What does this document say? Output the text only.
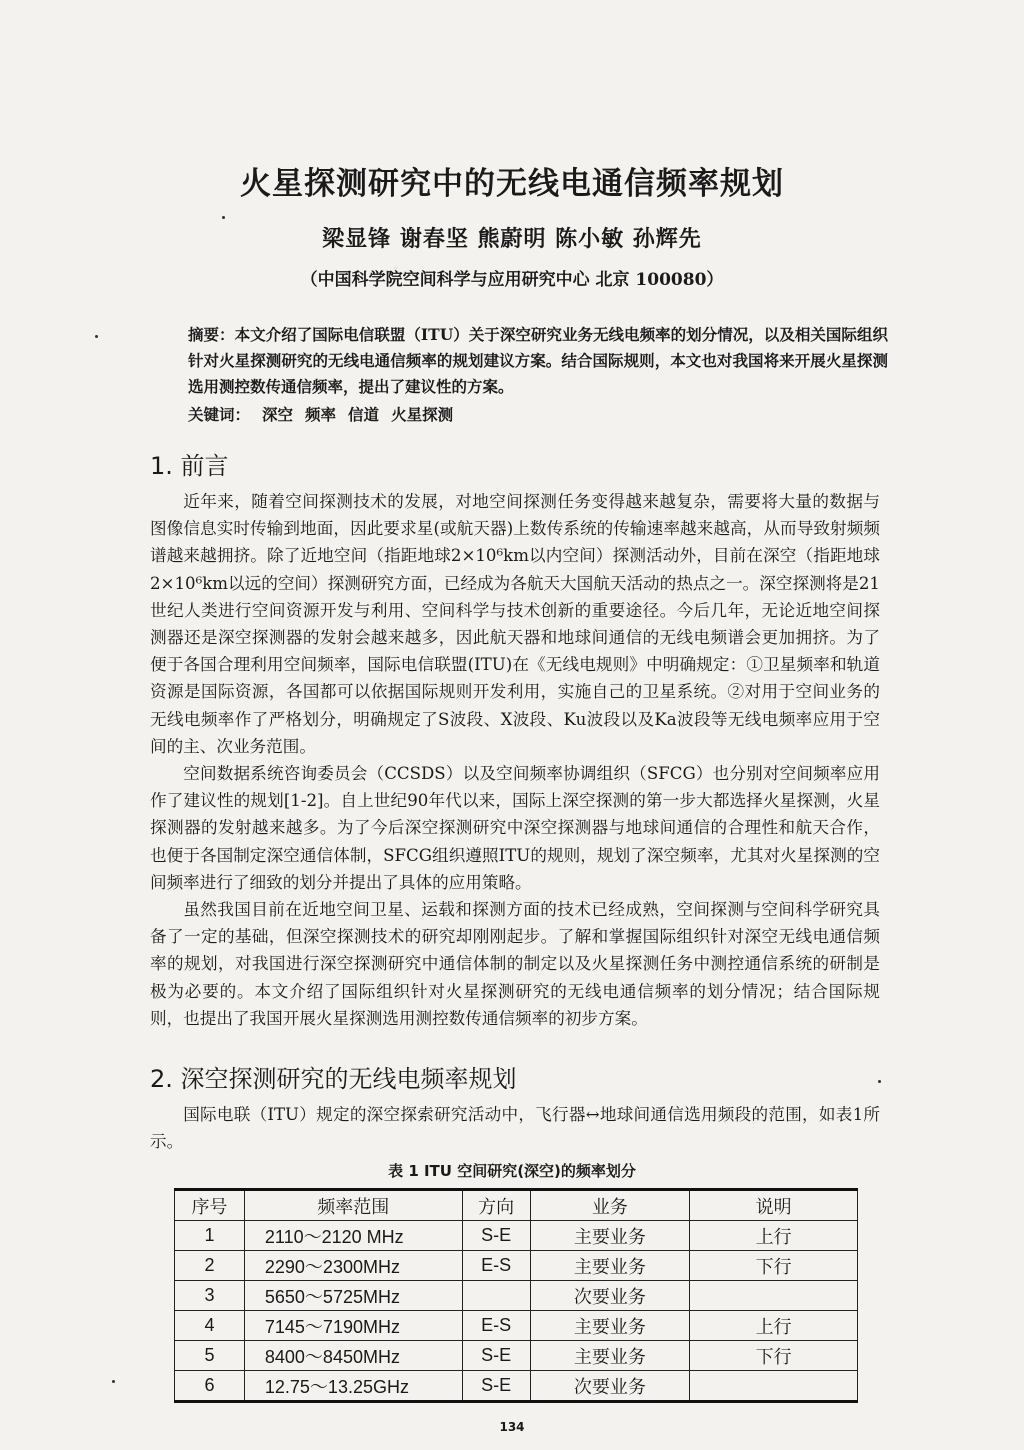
火星探测研究中的无线电通信频率规划
梁显锋 谢春坚 熊蔚明 陈小敏 孙辉先
（中国科学院空间科学与应用研究中心 北京 100080）

摘要：本文介绍了国际电信联盟（ITU）关于深空研究业务无线电频率的划分情况，以及相关国际组织针对火星探测研究的无线电通信频率的规划建议方案。结合国际规则，本文也对我国将来开展火星探测选用测控数传通信频率，提出了建议性的方案。

关键词： 深空 频率 信道 火星探测
1. 前言

近年来，随着空间探测技术的发展，对地空间探测任务变得越来越复杂，需要将大量的数据与图像信息实时传输到地面，因此要求星(或航天器)上数传系统的传输速率越来越高，从而导致射频频谱越来越拥挤。除了近地空间（指距地球2×10⁶km以内空间）探测活动外，目前在深空（指距地球2×10⁶km以远的空间）探测研究方面，已经成为各航天大国航天活动的热点之一。深空探测将是21世纪人类进行空间资源开发与利用、空间科学与技术创新的重要途径。今后几年，无论近地空间探测器还是深空探测器的发射会越来越多，因此航天器和地球间通信的无线电频谱会更加拥挤。为了便于各国合理利用空间频率，国际电信联盟(ITU)在《无线电规则》中明确规定：①卫星频率和轨道资源是国际资源，各国都可以依据国际规则开发利用，实施自己的卫星系统。②对用于空间业务的无线电频率作了严格划分，明确规定了S波段、X波段、Ku波段以及Ka波段等无线电频率应用于空间的主、次业务范围。

空间数据系统咨询委员会（CCSDS）以及空间频率协调组织（SFCG）也分别对空间频率应用作了建议性的规划[1-2]。自上世纪90年代以来，国际上深空探测的第一步大都选择火星探测，火星探测器的发射越来越多。为了今后深空探测研究中深空探测器与地球间通信的合理性和航天合作，也便于各国制定深空通信体制，SFCG组织遵照ITU的规则，规划了深空频率，尤其对火星探测的空间频率进行了细致的划分并提出了具体的应用策略。

虽然我国目前在近地空间卫星、运载和探测方面的技术已经成熟，空间探测与空间科学研究具备了一定的基础，但深空探测技术的研究却刚刚起步。了解和掌握国际组织针对深空无线电通信频率的规划，对我国进行深空探测研究中通信体制的制定以及火星探测任务中测控通信系统的研制是极为必要的。本文介绍了国际组织针对火星探测研究的无线电通信频率的划分情况；结合国际规则，也提出了我国开展火星探测选用测控数传通信频率的初步方案。

2. 深空探测研究的无线电频率规划

国际电联（ITU）规定的深空探索研究活动中，飞行器↔地球间通信选用频段的范围，如表1所示。

表 1 ITU 空间研究(深空)的频率划分
序号	频率范围	方向	业务	说明
1	2110～2120 MHz	S-E	主要业务	上行
2	2290～2300MHz	E-S	主要业务	下行
3	5650～5725MHz		次要业务	
4	7145～7190MHz	E-S	主要业务	上行
5	8400～8450MHz	S-E	主要业务	下行
6	12.75～13.25GHz	S-E	次要业务	
134
